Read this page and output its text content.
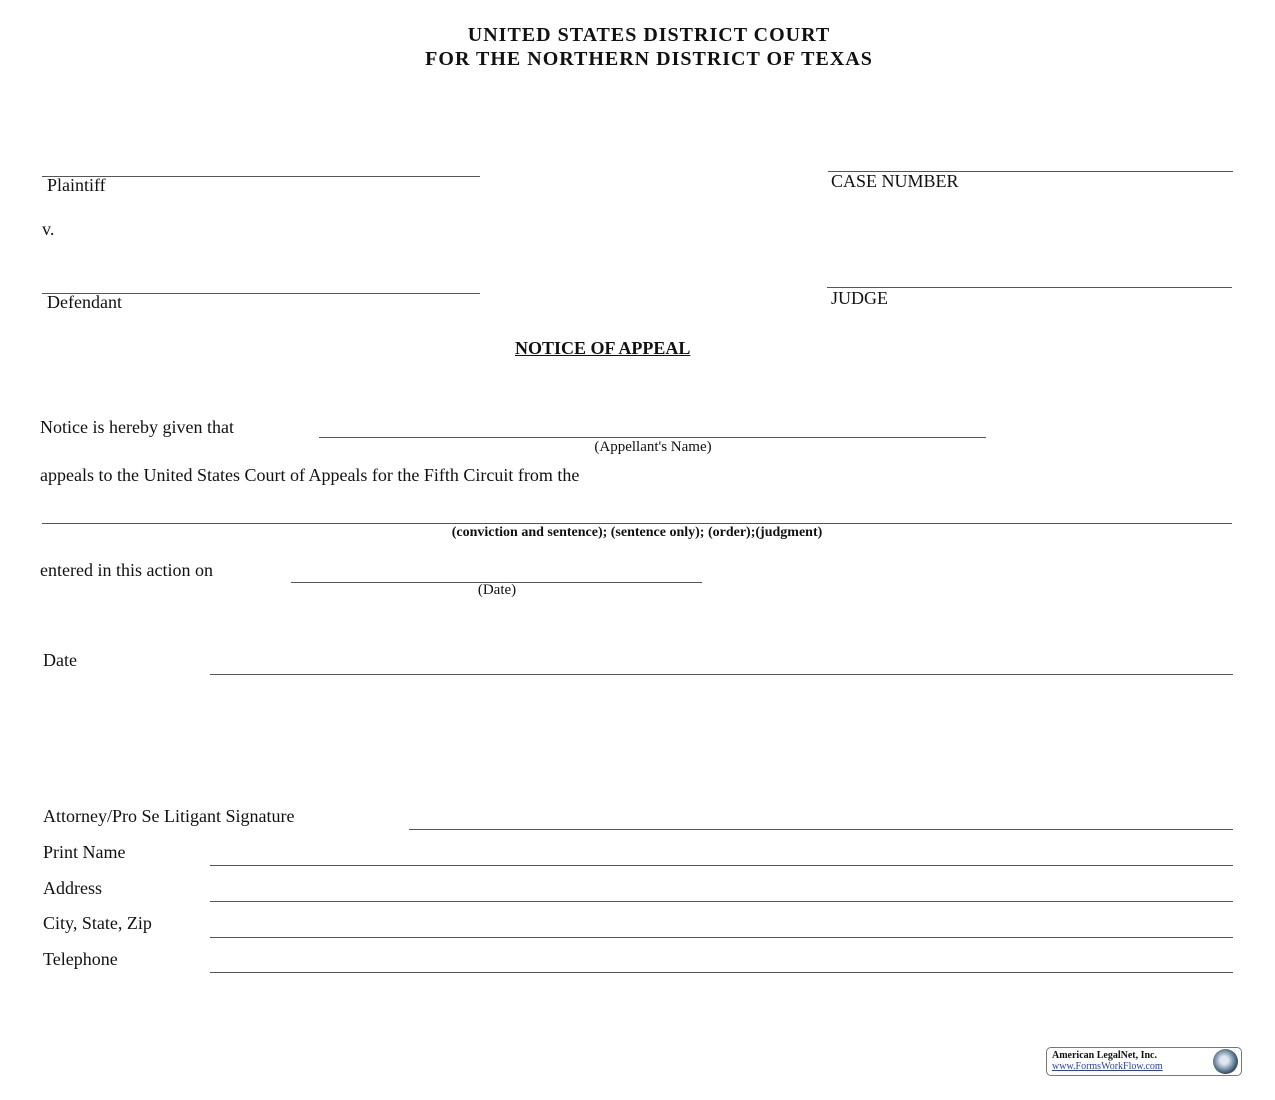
UNITED STATES DISTRICT COURT
FOR THE NORTHERN DISTRICT OF TEXAS
Plaintiff	CASE NUMBER
v.
Defendant	JUDGE
NOTICE OF APPEAL
Notice is hereby given that
(Appellant's Name)
appeals to the United States Court of Appeals for the Fifth Circuit from the
(conviction and sentence); (sentence only); (order);(judgment)
entered in this action on
(Date)
Date
Attorney/Pro Se Litigant Signature
Print Name
Address
City, State, Zip
Telephone
American LegalNet, Inc.
www.FormsWorkFlow.com
